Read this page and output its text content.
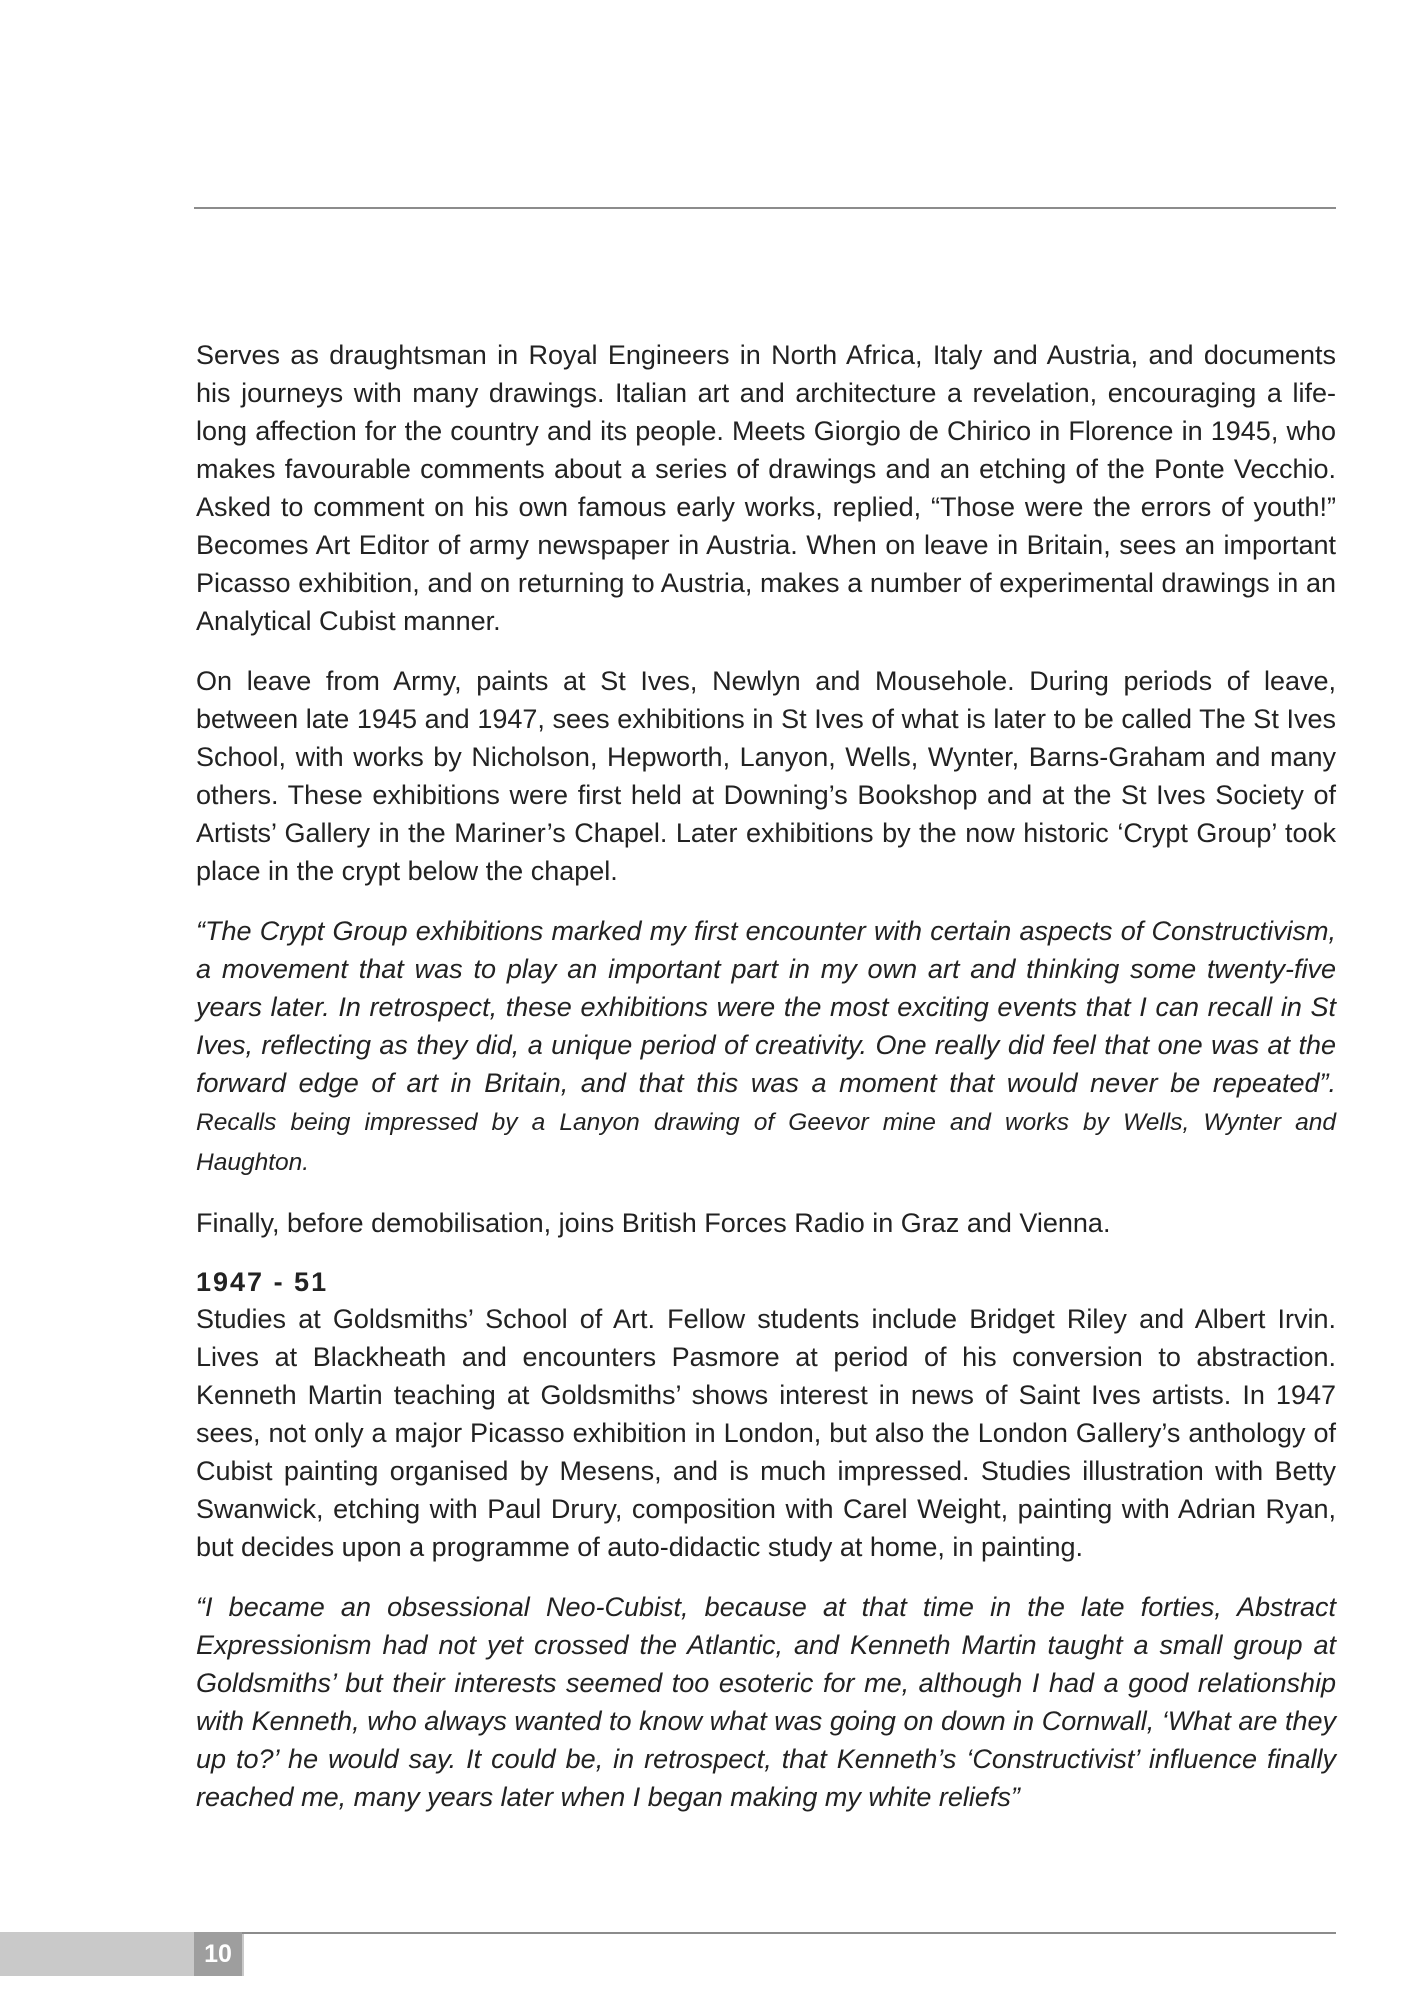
Serves as draughtsman in Royal Engineers in North Africa, Italy and Austria, and documents his journeys with many drawings. Italian art and architecture a revelation, encouraging a life-long affection for the country and its people. Meets Giorgio de Chirico in Florence in 1945, who makes favourable comments about a series of drawings and an etching of the Ponte Vecchio. Asked to comment on his own famous early works, replied, “Those were the errors of youth!” Becomes Art Editor of army newspaper in Austria. When on leave in Britain, sees an important Picasso exhibition, and on returning to Austria, makes a number of experimental drawings in an Analytical Cubist manner.

On leave from Army, paints at St Ives, Newlyn and Mousehole. During periods of leave, between late 1945 and 1947, sees exhibitions in St Ives of what is later to be called The St Ives School, with works by Nicholson, Hepworth, Lanyon, Wells, Wynter, Barns-Graham and many others. These exhibitions were first held at Downing’s Bookshop and at the St Ives Society of Artists’ Gallery in the Mariner’s Chapel. Later exhibitions by the now historic ‘Crypt Group’ took place in the crypt below the chapel.

“The Crypt Group exhibitions marked my first encounter with certain aspects of Constructivism, a movement that was to play an important part in my own art and thinking some twenty-five years later. In retrospect, these exhibitions were the most exciting events that I can recall in St Ives, reflecting as they did, a unique period of creativity. One really did feel that one was at the forward edge of art in Britain, and that this was a moment that would never be repeated”. Recalls being impressed by a Lanyon drawing of Geevor mine and works by Wells, Wynter and Haughton.

Finally, before demobilisation, joins British Forces Radio in Graz and Vienna.

1947 - 51

Studies at Goldsmiths’ School of Art. Fellow students include Bridget Riley and Albert Irvin. Lives at Blackheath and encounters Pasmore at period of his conversion to abstraction. Kenneth Martin teaching at Goldsmiths’ shows interest in news of Saint Ives artists. In 1947 sees, not only a major Picasso exhibition in London, but also the London Gallery’s anthology of Cubist painting organised by Mesens, and is much impressed. Studies illustration with Betty Swanwick, etching with Paul Drury, composition with Carel Weight, painting with Adrian Ryan, but decides upon a programme of auto-didactic study at home, in painting.

“I became an obsessional Neo-Cubist, because at that time in the late forties, Abstract Expressionism had not yet crossed the Atlantic, and Kenneth Martin taught a small group at Goldsmiths’ but their interests seemed too esoteric for me, although I had a good relationship with Kenneth, who always wanted to know what was going on down in Cornwall, ‘What are they up to?’ he would say. It could be, in retrospect, that Kenneth’s ‘Constructivist’ influence finally reached me, many years later when I began making my white reliefs”

10
